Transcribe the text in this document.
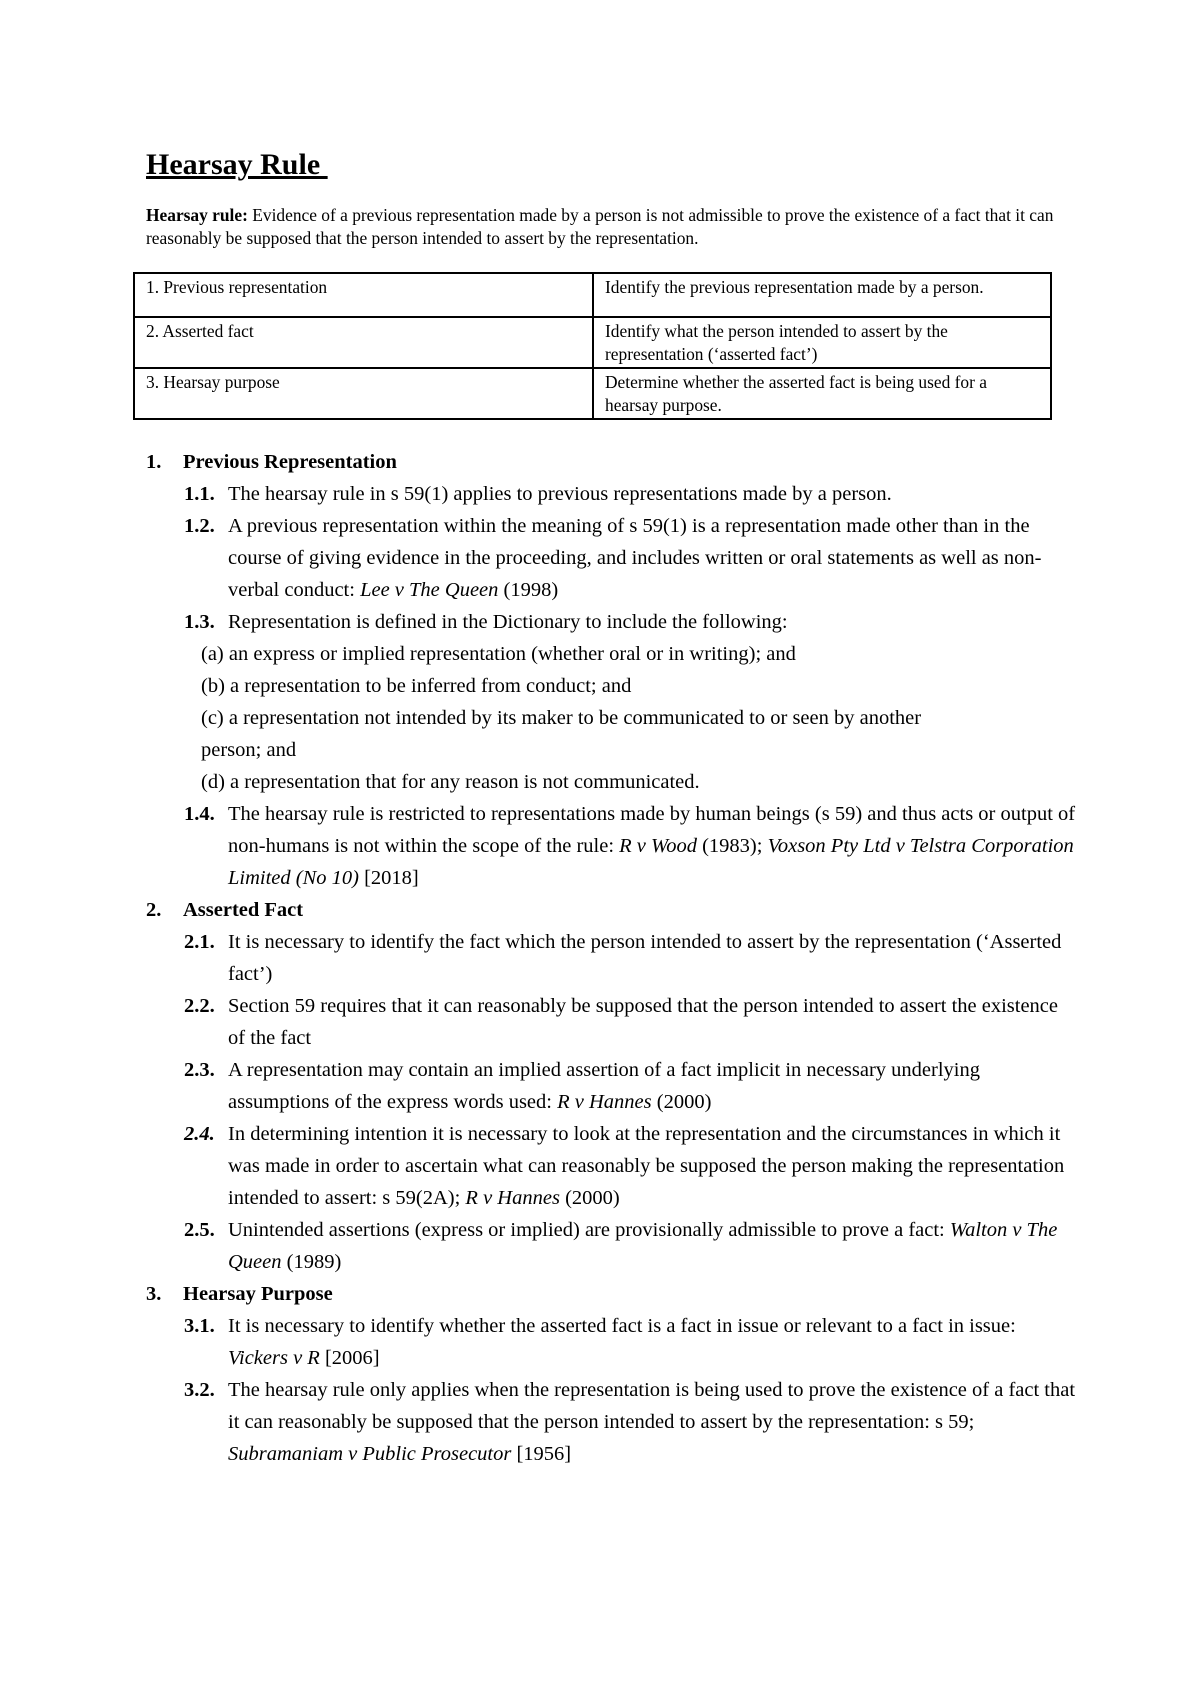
Hearsay Rule
Hearsay rule: Evidence of a previous representation made by a person is not admissible to prove the existence of a fact that it can reasonably be supposed that the person intended to assert by the representation.
1. Previous representation	Identify the previous representation made by a person.
2. Asserted fact	Identify what the person intended to assert by the representation (‘asserted fact’)
3. Hearsay purpose	Determine whether the asserted fact is being used for a hearsay purpose.
1.	Previous Representation
1.1. The hearsay rule in s 59(1) applies to previous representations made by a person.
1.2. A previous representation within the meaning of s 59(1) is a representation made other than in the course of giving evidence in the proceeding, and includes written or oral statements as well as non-verbal conduct: Lee v The Queen (1998)
1.3. Representation is defined in the Dictionary to include the following:
(a) an express or implied representation (whether oral or in writing); and
(b) a representation to be inferred from conduct; and
(c) a representation not intended by its maker to be communicated to or seen by another person; and
(d) a representation that for any reason is not communicated.
1.4. The hearsay rule is restricted to representations made by human beings (s 59) and thus acts or output of non-humans is not within the scope of the rule: R v Wood (1983); Voxson Pty Ltd v Telstra Corporation Limited (No 10) [2018]
2.	Asserted Fact
2.1. It is necessary to identify the fact which the person intended to assert by the representation (‘Asserted fact’)
2.2. Section 59 requires that it can reasonably be supposed that the person intended to assert the existence of the fact
2.3. A representation may contain an implied assertion of a fact implicit in necessary underlying assumptions of the express words used: R v Hannes (2000)
2.4. In determining intention it is necessary to look at the representation and the circumstances in which it was made in order to ascertain what can reasonably be supposed the person making the representation intended to assert: s 59(2A); R v Hannes (2000)
2.5. Unintended assertions (express or implied) are provisionally admissible to prove a fact: Walton v The Queen (1989)
3.	Hearsay Purpose
3.1. It is necessary to identify whether the asserted fact is a fact in issue or relevant to a fact in issue: Vickers v R [2006]
3.2. The hearsay rule only applies when the representation is being used to prove the existence of a fact that it can reasonably be supposed that the person intended to assert by the representation: s 59; Subramaniam v Public Prosecutor [1956]
